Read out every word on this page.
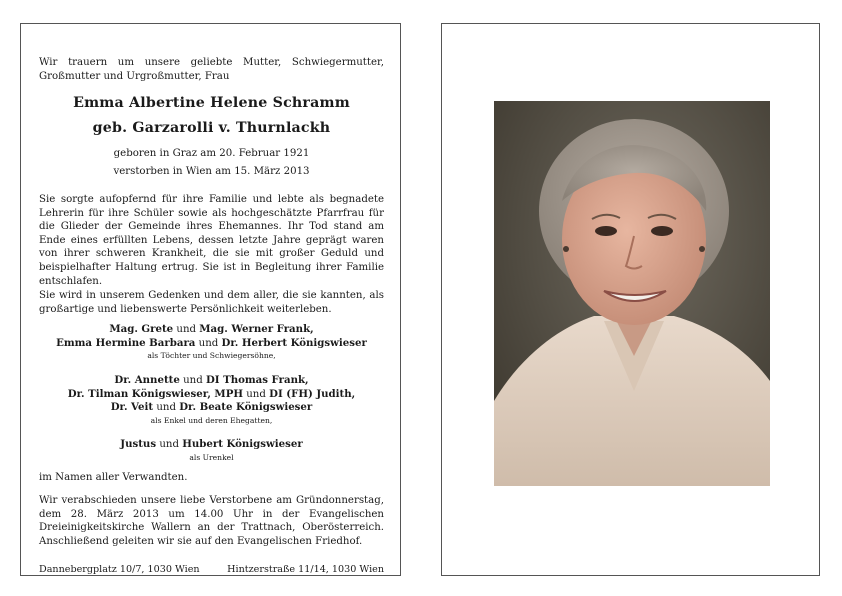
Wir trauern um unsere geliebte Mutter, Schwiegermutter, Großmutter und Urgroßmutter, Frau
Emma Albertine Helene Schramm
geb. Garzarolli v. Thurnlackh
geboren in Graz am 20. Februar 1921
verstorben in Wien am 15. März 2013
Sie sorgte aufopfernd für ihre Familie und lebte als begnadete Lehrerin für ihre Schüler sowie als hochgeschätzte Pfarrfrau für die Glieder der Gemeinde ihres Ehemannes. Ihr Tod stand am Ende eines erfüllten Lebens, dessen letzte Jahre geprägt waren von ihrer schweren Krankheit, die sie mit großer Geduld und beispielhafter Haltung ertrug. Sie ist in Begleitung ihrer Familie entschlafen.
Sie wird in unserem Gedenken und dem aller, die sie kannten, als großartige und liebenswerte Persönlichkeit weiterleben.
Mag. Grete und Mag. Werner Frank,
Emma Hermine Barbara und Dr. Herbert Königswieser
als Töchter und Schwiegersöhne,
Dr. Annette und DI Thomas Frank,
Dr. Tilman Königswieser, MPH und DI (FH) Judith,
Dr. Veit und Dr. Beate Königswieser
als Enkel und deren Ehegatten,
Justus und Hubert Königswieser
als Urenkel
im Namen aller Verwandten.
Wir verabschieden unsere liebe Verstorbene am Gründonnerstag, dem 28. März 2013 um 14.00 Uhr in der Evangelischen Dreieinigkeitskirche Wallern an der Trattnach, Oberösterreich. Anschließend geleiten wir sie auf den Evangelischen Friedhof.
Dannebergplatz 10/7, 1030 Wien	Hintzerstraße 11/14, 1030 Wien
